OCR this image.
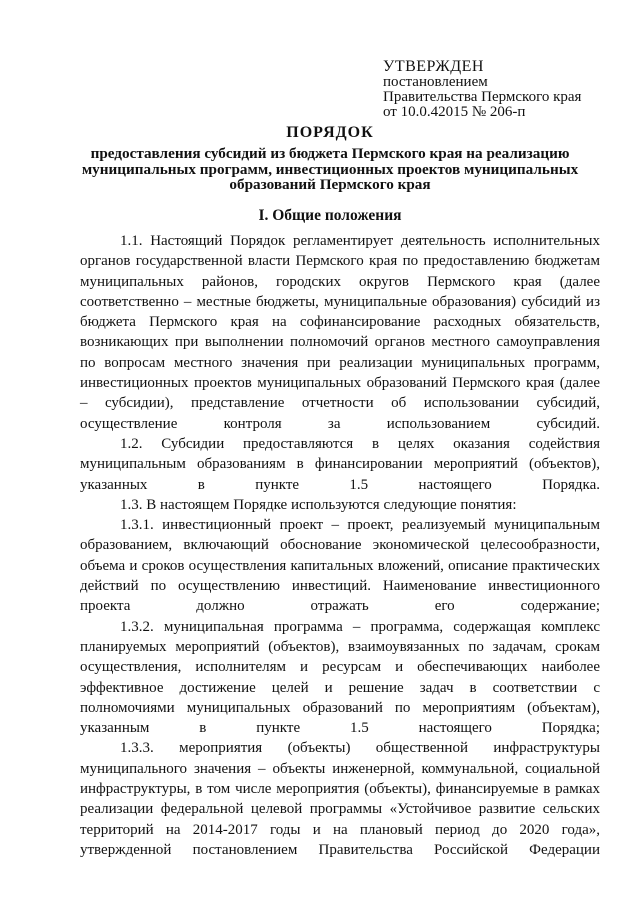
УТВЕРЖДЕН
постановлением
Правительства Пермского края
от 10.0.42015 № 206-п
ПОРЯДОК
предоставления субсидий из бюджета Пермского края на реализацию муниципальных программ, инвестиционных проектов муниципальных образований Пермского края
I. Общие положения

1.1. Настоящий Порядок регламентирует деятельность исполнительных органов государственной власти Пермского края по предоставлению бюджетам муниципальных районов, городских округов Пермского края (далее соответственно – местные бюджеты, муниципальные образования) субсидий из бюджета Пермского края на софинансирование расходных обязательств, возникающих при выполнении полномочий органов местного самоуправления по вопросам местного значения при реализации муниципальных программ, инвестиционных проектов муниципальных образований Пермского края (далее – субсидии), представление отчетности об использовании субсидий, осуществление контроля за использованием субсидий.

1.2. Субсидии предоставляются в целях оказания содействия муниципальным образованиям в финансировании мероприятий (объектов), указанных в пункте 1.5 настоящего Порядка.

1.3. В настоящем Порядке используются следующие понятия:

1.3.1. инвестиционный проект – проект, реализуемый муниципальным образованием, включающий обоснование экономической целесообразности, объема и сроков осуществления капитальных вложений, описание практических действий по осуществлению инвестиций. Наименование инвестиционного проекта должно отражать его содержание;

1.3.2. муниципальная программа – программа, содержащая комплекс планируемых мероприятий (объектов), взаимоувязанных по задачам, срокам осуществления, исполнителям и ресурсам и обеспечивающих наиболее эффективное достижение целей и решение задач в соответствии с полномочиями муниципальных образований по мероприятиям (объектам), указанным в пункте 1.5 настоящего Порядка;

1.3.3. мероприятия (объекты) общественной инфраструктуры муниципального значения – объекты инженерной, коммунальной, социальной инфраструктуры, в том числе мероприятия (объекты), финансируемые в рамках реализации федеральной целевой программы «Устойчивое развитие сельских территорий на 2014-2017 годы и на плановый период до 2020 года», утвержденной постановлением Правительства Российской Федерации
